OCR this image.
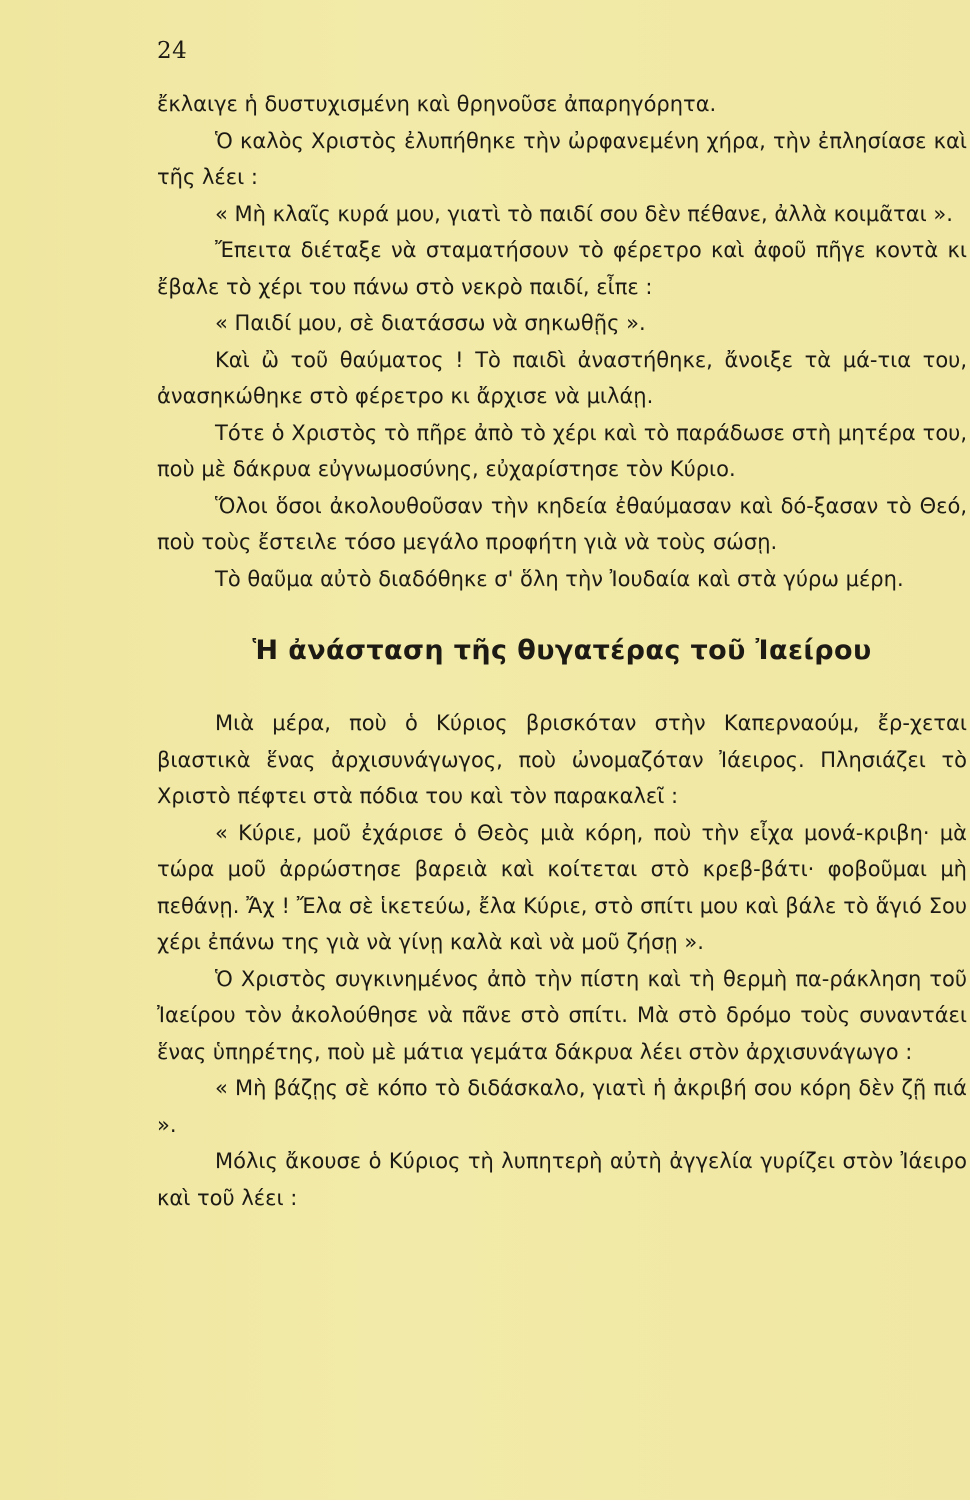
24

ἔκλαιγε ἡ δυστυχισμένη καὶ θρηνοῦσε ἀπαρηγόρητα.

Ὁ καλὸς Χριστὸς ἐλυπήθηκε τὴν ὠρφανεμένη χήρα, τὴν ἐπλησίασε καὶ τῆς λέει :

« Μὴ κλαῖς κυρά μου, γιατὶ τὸ παιδί σου δὲν πέθανε, ἀλλὰ κοιμᾶται ».

Ἔπειτα διέταξε νὰ σταματήσουν τὸ φέρετρο καὶ ἀφοῦ πῆγε κοντὰ κι ἔβαλε τὸ χέρι του πάνω στὸ νεκρὸ παιδί, εἶπε :

« Παιδί μου, σὲ διατάσσω νὰ σηκωθῇς ».

Καὶ ὢ τοῦ θαύματος ! Τὸ παιδὶ ἀναστήθηκε, ἄνοιξε τὰ μά-τια του, ἀνασηκώθηκε στὸ φέρετρο κι ἄρχισε νὰ μιλάῃ.

Τότε ὁ Χριστὸς τὸ πῆρε ἀπὸ τὸ χέρι καὶ τὸ παράδωσε στὴ μητέρα του, ποὺ μὲ δάκρυα εὐγνωμοσύνης, εὐχαρίστησε τὸν Κύριο.

Ὅλοι ὅσοι ἀκολουθοῦσαν τὴν κηδεία ἐθαύμασαν καὶ δό-ξασαν τὸ Θεό, ποὺ τοὺς ἔστειλε τόσο μεγάλο προφήτη γιὰ νὰ τοὺς σώσῃ.

Τὸ θαῦμα αὐτὸ διαδόθηκε σ' ὅλη τὴν Ἰουδαία καὶ στὰ γύρω μέρη.

Ἡ ἀνάσταση τῆς θυγατέρας τοῦ Ἰαείρου

Μιὰ μέρα, ποὺ ὁ Κύριος βρισκόταν στὴν Καπερναούμ, ἔρ-χεται βιαστικὰ ἕνας ἀρχισυνάγωγος, ποὺ ὠνομαζόταν Ἰάειρος. Πλησιάζει τὸ Χριστὸ πέφτει στὰ πόδια του καὶ τὸν παρακαλεῖ :

« Κύριε, μοῦ ἐχάρισε ὁ Θεὸς μιὰ κόρη, ποὺ τὴν εἶχα μονά-κριβη· μὰ τώρα μοῦ ἀρρώστησε βαρειὰ καὶ κοίτεται στὸ κρεβ-βάτι· φοβοῦμαι μὴ πεθάνῃ. Ἄχ ! Ἔλα σὲ ἱκετεύω, ἔλα Κύριε, στὸ σπίτι μου καὶ βάλε τὸ ἅγιό Σου χέρι ἐπάνω της γιὰ νὰ γίνῃ καλὰ καὶ νὰ μοῦ ζήσῃ ».

Ὁ Χριστὸς συγκινημένος ἀπὸ τὴν πίστη καὶ τὴ θερμὴ πα-ράκληση τοῦ Ἰαείρου τὸν ἀκολούθησε νὰ πᾶνε στὸ σπίτι. Μὰ στὸ δρόμο τοὺς συναντάει ἕνας ὑπηρέτης, ποὺ μὲ μάτια γεμάτα δάκρυα λέει στὸν ἀρχισυνάγωγο :

« Μὴ βάζῃς σὲ κόπο τὸ διδάσκαλο, γιατὶ ἡ ἀκριβή σου κόρη δὲν ζῇ πιά ».

Μόλις ἄκουσε ὁ Κύριος τὴ λυπητερὴ αὐτὴ ἀγγελία γυρίζει στὸν Ἰάειρο καὶ τοῦ λέει :
